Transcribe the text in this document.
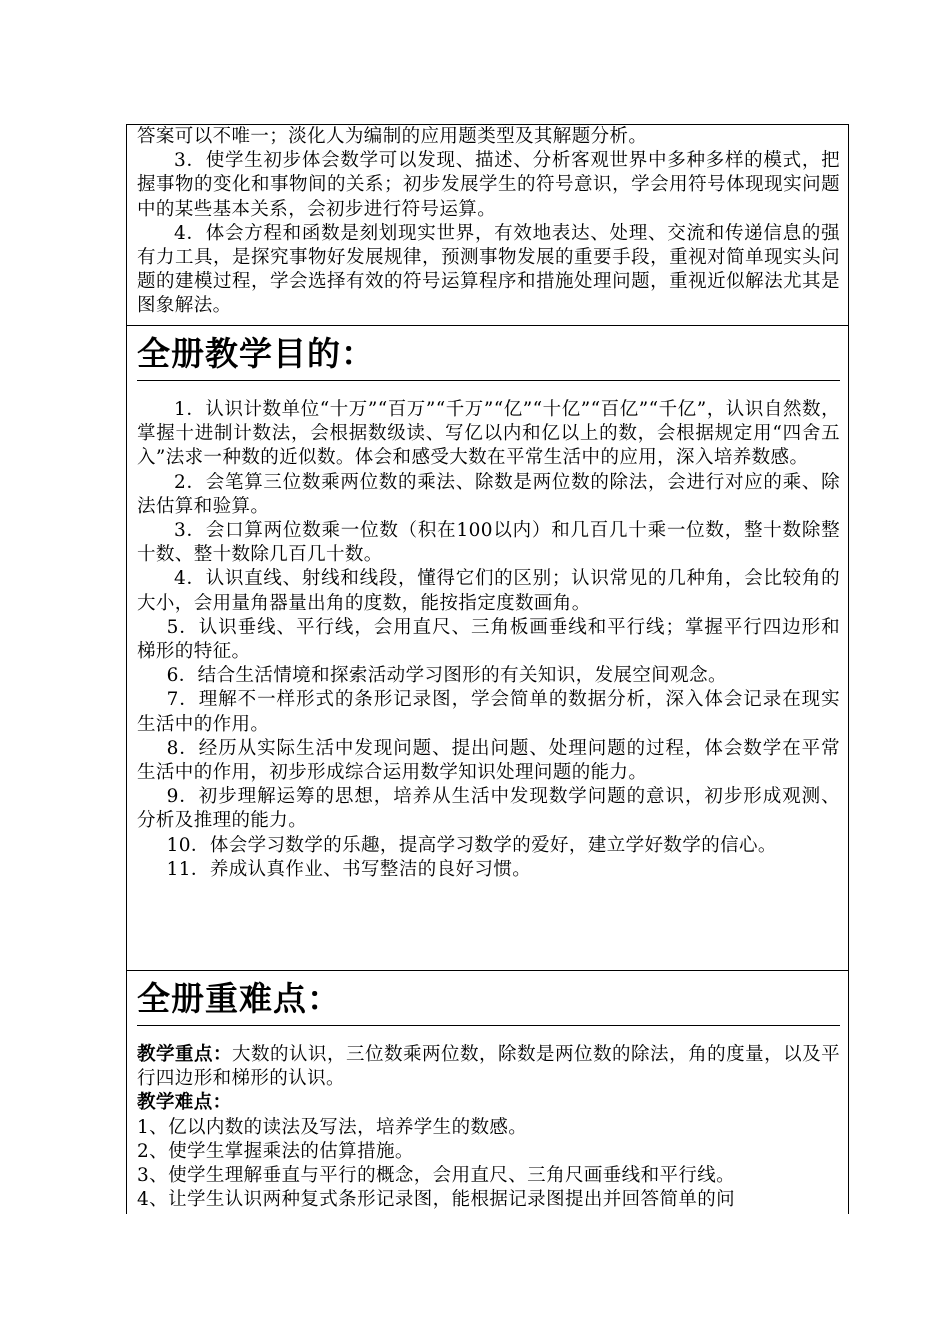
答案可以不唯一；淡化人为编制的应用题类型及其解题分析。

3．使学生初步体会数学可以发现、描述、分析客观世界中多种多样的模式，把握事物的变化和事物间的关系；初步发展学生的符号意识，学会用符号体现现实问题中的某些基本关系，会初步进行符号运算。

4．体会方程和函数是刻划现实世界，有效地表达、处理、交流和传递信息的强有力工具，是探究事物好发展规律，预测事物发展的重要手段，重视对简单现实头问题的建模过程，学会选择有效的符号运算程序和措施处理问题，重视近似解法尤其是图象解法。

全册教学目的：

1．认识计数单位“十万”“百万”“千万”“亿”“十亿”“百亿”“千亿”，认识自然数，掌握十进制计数法，会根据数级读、写亿以内和亿以上的数，会根据规定用“四舍五入”法求一种数的近似数。体会和感受大数在平常生活中的应用，深入培养数感。

2．会笔算三位数乘两位数的乘法、除数是两位数的除法，会进行对应的乘、除法估算和验算。

3．会口算两位数乘一位数（积在100以内）和几百几十乘一位数，整十数除整十数、整十数除几百几十数。

4．认识直线、射线和线段，懂得它们的区别；认识常见的几种角，会比较角的大小，会用量角器量出角的度数，能按指定度数画角。

5．认识垂线、平行线，会用直尺、三角板画垂线和平行线；掌握平行四边形和梯形的特征。

6．结合生活情境和探索活动学习图形的有关知识，发展空间观念。

7．理解不一样形式的条形记录图，学会简单的数据分析，深入体会记录在现实生活中的作用。

8．经历从实际生活中发现问题、提出问题、处理问题的过程，体会数学在平常生活中的作用，初步形成综合运用数学知识处理问题的能力。

9．初步理解运筹的思想，培养从生活中发现数学问题的意识，初步形成观测、分析及推理的能力。

10．体会学习数学的乐趣，提高学习数学的爱好，建立学好数学的信心。

11．养成认真作业、书写整洁的良好习惯。

全册重难点：

教学重点：大数的认识，三位数乘两位数，除数是两位数的除法，角的度量，以及平行四边形和梯形的认识。

教学难点：

1、亿以内数的读法及写法，培养学生的数感。

2、使学生掌握乘法的估算措施。

3、使学生理解垂直与平行的概念，会用直尺、三角尺画垂线和平行线。

4、让学生认识两种复式条形记录图，能根据记录图提出并回答简单的问
